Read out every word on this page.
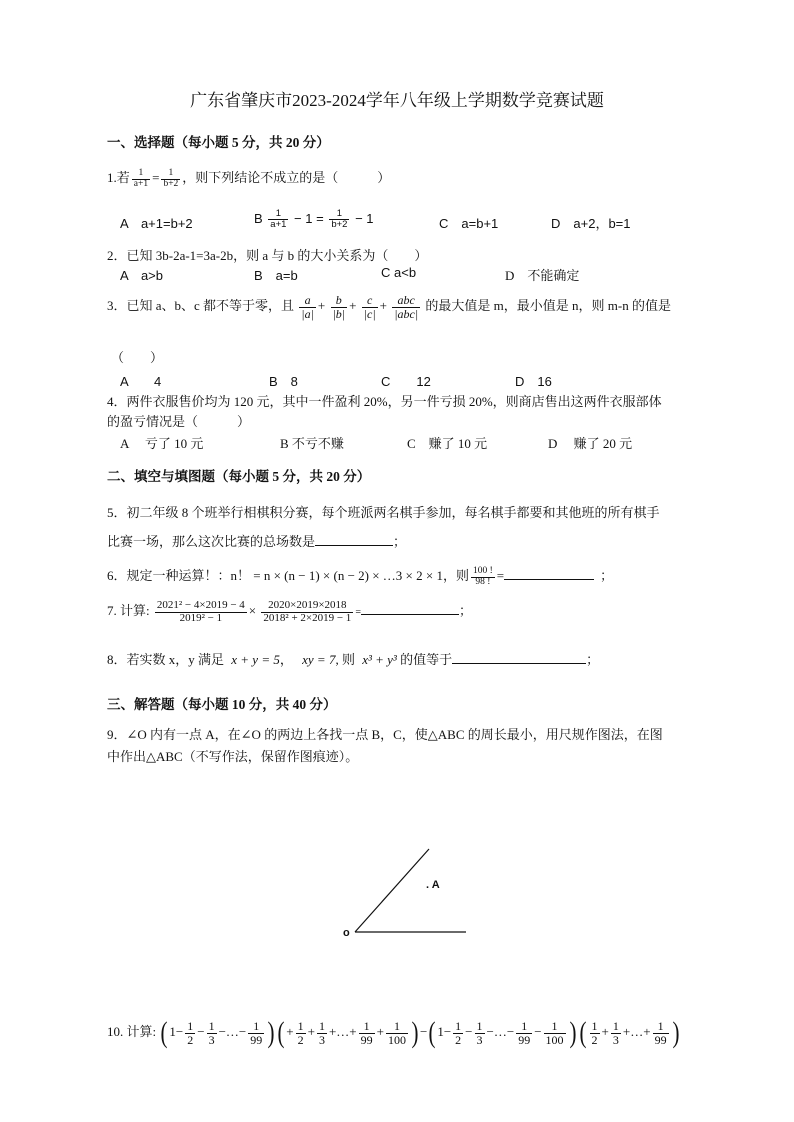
广东省肇庆市2023-2024学年八年级上学期数学竞赛试题
一、选择题（每小题 5 分，共 20 分）
1.若 $\frac{1}{a+1} = \frac{1}{b+2}$ ，则下列结论不成立的是（　　　）
A　a+1=b+2	B $\frac{1}{a+1} - 1 = \frac{1}{b+2} - 1$	C　a=b+1	D　a+2，b=1
2．已知 3b-2a-1=3a-2b，则 a 与 b 的大小关系为（　　）
A　a>b	B　a=b	C a<b	D　不能确定
3．已知 a、b、c 都不等于零，且 $\frac{a}{|a|} + \frac{b}{|b|} + \frac{c}{|c|} + \frac{\text{abc}}{\text{|abc|}}$ 的最大值是 m，最小值是 n，则 m-n 的值是
（　　）
A　　4	B　8	C　　12	D　16
4．两件衣服售价均为 120 元，其中一件盈利 20%，另一件亏损 20%，则商店售出这两件衣服部体
的盈亏情况是（　　　）
A　 亏了 10 元	B 不亏不赚	C　赚了 10 元	D　 赚了 20 元
二、填空与填图题（每小题 5 分，共 20 分）
5．初二年级 8 个班举行相棋积分赛，每个班派两名棋手参加，每名棋手都要和其他班的所有棋手
比赛一场，那么这次比赛的总场数是	；
6．规定一种运算！：n！ = n × (n − 1) × (n − 2) × …3 × 2 × 1，则 $\frac{100 !}{98 !}$ =	；
7. 计算: $\frac{\text{2021² − 4×2019 − 4}}{\text{2019² − 1}} \times \frac{2020\times 2019\times 2018}{\text{2018² + 2×2019 − 1}}$ =	；
8．若实数 x，y 满足 x + y = 5， xy = 7, 则 x³ + y³ 的值等于	；
三、解答题（每小题 10 分，共 40 分）
9．∠O 内有一点 A，在∠O 的两边上各找一点 B，C，使△ABC 的周长最小，用尺规作图法，在图
中作出△ABC（不写作法，保留作图痕迹）。
o
. A
10. 计算: ( $1- \frac{1}{2} - \frac{1}{3}$ −…− $\frac{1}{99}$ ) ( + $\frac{1}{2} + \frac{1}{3}$ +…+ $\frac{1}{99} + \frac{1}{100}$ ) −( $1- \frac{1}{2} - \frac{1}{3}$ −…− $\frac{1}{99} - \frac{1}{100}$ ) ( $\frac{1}{2} + \frac{1}{3}$ +…+ $\frac{1}{99}$ )
